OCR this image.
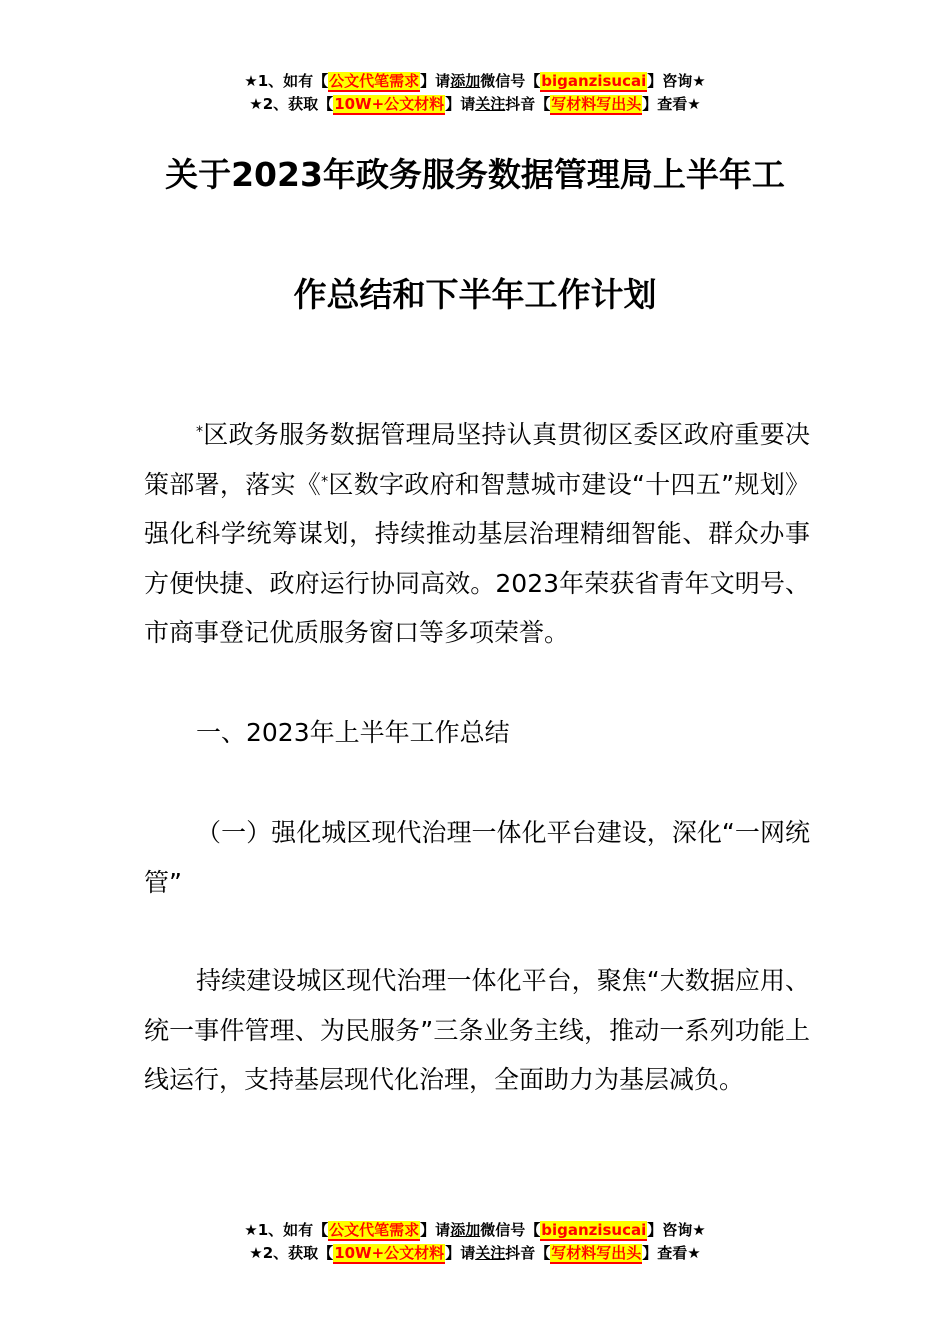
★1、如有【公文代笔需求】请添加微信号【biganzisucai】咨询★
★2、获取【10W+公文材料】请关注抖音【写材料写出头】查看★
关于2023年政务服务数据管理局上半年工
作总结和下半年工作计划
*区政务服务数据管理局坚持认真贯彻区委区政府重要决策部署，落实《*区数字政府和智慧城市建设“十四五”规划》强化科学统筹谋划，持续推动基层治理精细智能、群众办事方便快捷、政府运行协同高效。2023年荣获省青年文明号、市商事登记优质服务窗口等多项荣誉。
一、2023年上半年工作总结
（一）强化城区现代治理一体化平台建设，深化“一网统管”
持续建设城区现代治理一体化平台，聚焦“大数据应用、统一事件管理、为民服务”三条业务主线，推动一系列功能上线运行，支持基层现代化治理，全面助力为基层减负。
★1、如有【公文代笔需求】请添加微信号【biganzisucai】咨询★
★2、获取【10W+公文材料】请关注抖音【写材料写出头】查看★
